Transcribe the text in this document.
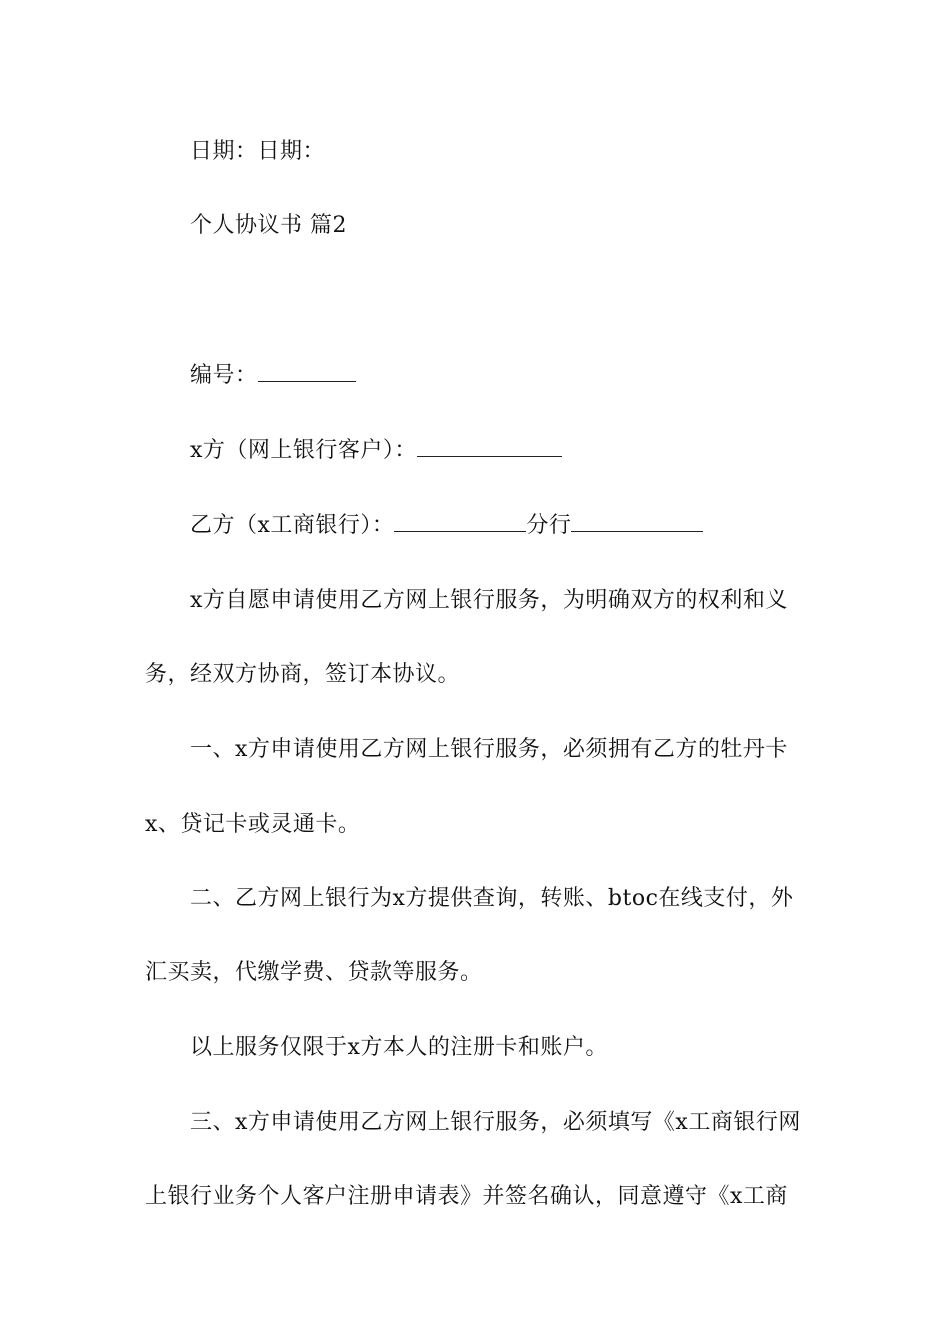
日期：日期：

个人协议书 篇2

编号：

x方（网上银行客户）：

乙方（x工商银行）：	分行

x方自愿申请使用乙方网上银行服务，为明确双方的权利和义

务，经双方协商，签订本协议。

一、x方申请使用乙方网上银行服务，必须拥有乙方的牡丹卡

x、贷记卡或灵通卡。

二、乙方网上银行为x方提供查询，转账、btoc在线支付，外

汇买卖，代缴学费、贷款等服务。

以上服务仅限于x方本人的注册卡和账户。

三、x方申请使用乙方网上银行服务，必须填写《x工商银行网

上银行业务个人客户注册申请表》并签名确认，同意遵守《x工商
